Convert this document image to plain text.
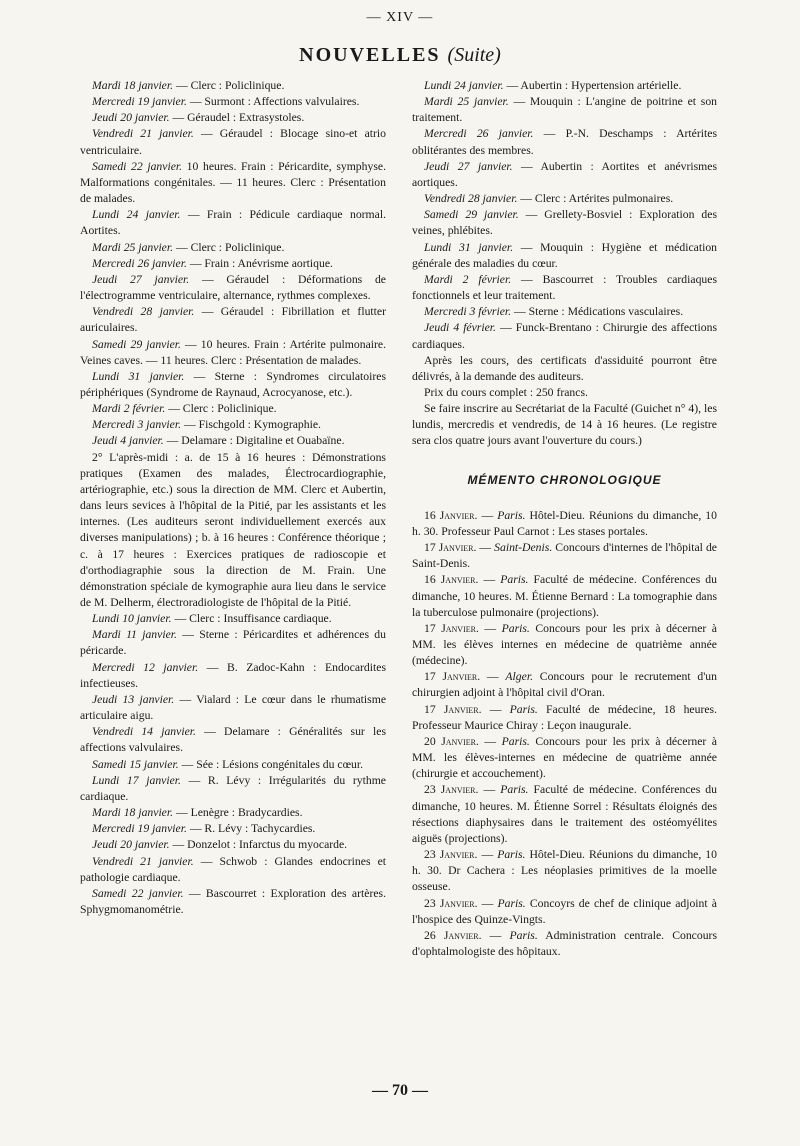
— XIV —
NOUVELLES (Suite)

Mardi 18 janvier. — Clerc : Policlinique.

Mercredi 19 janvier. — Surmont : Affections valvulaires.

Jeudi 20 janvier. — Géraudel : Extrasystoles.

Vendredi 21 janvier. — Géraudel : Blocage sino-et atrio ventriculaire.

Samedi 22 janvier. 10 heures. Frain : Péricardite, symphyse. Malformations congénitales. — 11 heures. Clerc : Présentation de malades.

Lundi 24 janvier. — Frain : Pédicule cardiaque normal. Aortites.

Mardi 25 janvier. — Clerc : Policlinique.

Mercredi 26 janvier. — Frain : Anévrisme aortique.

Jeudi 27 janvier. — Géraudel : Déformations de l'électrogramme ventriculaire, alternance, rythmes complexes.

Vendredi 28 janvier. — Géraudel : Fibrillation et flutter auriculaires.

Samedi 29 janvier. — 10 heures. Frain : Artérite pulmonaire. Veines caves. — 11 heures. Clerc : Présentation de malades.

Lundi 31 janvier. — Sterne : Syndromes circulatoires périphériques (Syndrome de Raynaud, Acrocyanose, etc.).

Mardi 2 février. — Clerc : Policlinique.

Mercredi 3 janvier. — Fischgold : Kymographie.

Jeudi 4 janvier. — Delamare : Digitaline et Ouabaïne.

2° L'après-midi : a. de 15 à 16 heures : Démonstrations pratiques (Examen des malades, Électrocardiographie, artériographie, etc.) sous la direction de MM. Clerc et Aubertin, dans leurs sevices à l'hôpital de la Pitié, par les assistants et les internes. (Les auditeurs seront individuellement exercés aux diverses manipulations) ; b. à 16 heures : Conférence théorique ; c. à 17 heures : Exercices pratiques de radioscopie et d'orthodiagraphie sous la direction de M. Frain. Une démonstration spéciale de kymographie aura lieu dans le service de M. Delherm, électroradiologiste de l'hôpital de la Pitié.

Lundi 10 janvier. — Clerc : Insuffisance cardiaque.

Mardi 11 janvier. — Sterne : Péricardites et adhérences du péricarde.

Mercredi 12 janvier. — B. Zadoc-Kahn : Endocardites infectieuses.

Jeudi 13 janvier. — Vialard : Le cœur dans le rhumatisme articulaire aigu.

Vendredi 14 janvier. — Delamare : Généralités sur les affections valvulaires.

Samedi 15 janvier. — Sée : Lésions congénitales du cœur.

Lundi 17 janvier. — R. Lévy : Irrégularités du rythme cardiaque.

Mardi 18 janvier. — Lenègre : Bradycardies.

Mercredi 19 janvier. — R. Lévy : Tachycardies.

Jeudi 20 janvier. — Donzelot : Infarctus du myocarde.

Vendredi 21 janvier. — Schwob : Glandes endocrines et pathologie cardiaque.

Samedi 22 janvier. — Bascourret : Exploration des artères. Sphygmomanométrie.

Lundi 24 janvier. — Aubertin : Hypertension artérielle.

Mardi 25 janvier. — Mouquin : L'angine de poitrine et son traitement.

Mercredi 26 janvier. — P.-N. Deschamps : Artérites oblitérantes des membres.

Jeudi 27 janvier. — Aubertin : Aortites et anévrismes aortiques.

Vendredi 28 janvier. — Clerc : Artérites pulmonaires.

Samedi 29 janvier. — Grellety-Bosviel : Exploration des veines, phlébites.

Lundi 31 janvier. — Mouquin : Hygiène et médication générale des maladies du cœur.

Mardi 2 février. — Bascourret : Troubles cardiaques fonctionnels et leur traitement.

Mercredi 3 février. — Sterne : Médications vasculaires.

Jeudi 4 février. — Funck-Brentano : Chirurgie des affections cardiaques.

Après les cours, des certificats d'assiduité pourront être délivrés, à la demande des auditeurs.

Prix du cours complet : 250 francs.

Se faire inscrire au Secrétariat de la Faculté (Guichet n° 4), les lundis, mercredis et vendredis, de 14 à 16 heures. (Le registre sera clos quatre jours avant l'ouverture du cours.)

MÉMENTO CHRONOLOGIQUE

16 Janvier. — Paris. Hôtel-Dieu. Réunions du dimanche, 10 h. 30. Professeur Paul Carnot : Les stases portales.

17 Janvier. — Saint-Denis. Concours d'internes de l'hôpital de Saint-Denis.

16 Janvier. — Paris. Faculté de médecine. Conférences du dimanche, 10 heures. M. Étienne Bernard : La tomographie dans la tuberculose pulmonaire (projections).

17 Janvier. — Paris. Concours pour les prix à décerner à MM. les élèves internes en médecine de quatrième année (médecine).

17 Janvier. — Alger. Concours pour le recrutement d'un chirurgien adjoint à l'hôpital civil d'Oran.

17 Janvier. — Paris. Faculté de médecine, 18 heures. Professeur Maurice Chiray : Leçon inaugurale.

20 Janvier. — Paris. Concours pour les prix à décerner à MM. les élèves-internes en médecine de quatrième année (chirurgie et accouchement).

23 Janvier. — Paris. Faculté de médecine. Conférences du dimanche, 10 heures. M. Étienne Sorrel : Résultats éloignés des résections diaphysaires dans le traitement des ostéomyélites aiguës (projections).

23 Janvier. — Paris. Hôtel-Dieu. Réunions du dimanche, 10 h. 30. Dr Cachera : Les néoplasies primitives de la moelle osseuse.

23 Janvier. — Paris. Concoyrs de chef de clinique adjoint à l'hospice des Quinze-Vingts.

26 Janvier. — Paris. Administration centrale. Concours d'ophtalmologiste des hôpitaux.

— 70 —
